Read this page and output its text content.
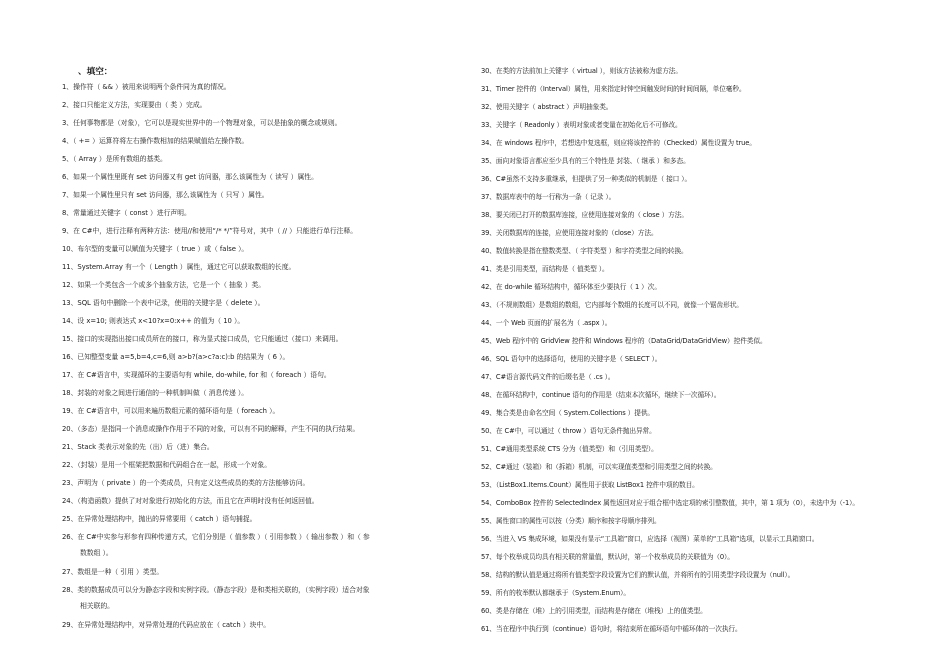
、填空：
1、操作符（ && ）被用来说明两个条件同为真的情况。
2、接口只能定义方法，实现要由（ 类 ）完成。
3、任何事物都是（对象），它可以是现实世界中的一个物理对象，可以是抽象的概念或规则。
4、（ += ）运算符将左右操作数相加的结果赋值给左操作数。
5、（ Array ）是所有数组的基类。
6、如果一个属性里既有 set 访问器又有 get 访问器，那么该属性为（ 读写 ）属性。
7、如果一个属性里只有 set 访问器，那么该属性为（ 只写 ）属性。
8、常量通过关键字（ const ）进行声明。
9、在 C#中，进行注释有两种方法：使用//和使用“/* */”符号对，其中（ // ）只能进行单行注释。
10、布尔型的变量可以赋值为关键字（ true ）或（ false ）。
11、System.Array 有一个（ Length ）属性，通过它可以获取数组的长度。
12、如果一个类包含一个或多个抽象方法，它是一个（ 抽象 ）类。
13、SQL 语句中删除一个表中记录，使用的关键字是（ delete ）。
14、设 x=10; 则表达式 x<10?x=0:x++ 的值为（ 10 ）。
15、接口的实现指出接口成员所在的接口，称为显式接口成员，它只能通过（接口）来调用。
16、已知整型变量 a=5,b=4,c=6,则 a>b?(a>c?a:c):b 的结果为（ 6 ）。
17、在 C#语言中，实现循环的主要语句有 while, do-while, for 和（ foreach ）语句。
18、封装的对象之间进行通信的一种机制叫做（ 消息传递 ）。
19、在 C#语言中，可以用来遍历数组元素的循环语句是（ foreach ）。
20、（多态）是指同一个消息或操作作用于不同的对象，可以有不同的解释，产生不同的执行结果。
21、Stack 类表示对象的先（出）后（进）集合。
22、（封装）是用一个框架把数据和代码组合在一起，形成一个对象。
23、声明为（ private ）的一个类成员，只有定义这些成员的类的方法能够访问。
24、（构造函数）提供了对对象进行初始化的方法，而且它在声明时没有任何返回值。
25、在异常处理结构中，抛出的异常要用（ catch ）语句捕捉。
26、在 C#中实参与形参有四种传递方式，它们分别是（ 值参数 ）（ 引用参数 ）（ 输出参数 ）和（ 参
数数组 ）。
27、数组是一种（ 引用 ）类型。
28、类的数据成员可以分为静态字段和实例字段。（静态字段）是和类相关联的，（实例字段）适合对象
相关联的。
29、在异常处理结构中，对异常处理的代码应放在（ catch ）块中。
30、在类的方法前加上关键字（ virtual ），则该方法被称为虚方法。
31、Timer 控件的（Interval）属性，用来指定时钟空间触发时间的时间间隔，单位毫秒。
32、使用关键字（ abstract ）声明抽象类。
33、关键字（ Readonly ）表明对象或者变量在初始化后不可修改。
34、在 windows 程序中，若想选中复选框，则应将该控件的（Checked）属性设置为 true。
35、面向对象语言都应至少具有的三个特性是 封装、（ 继承 ）和多态。
36、C#虽然不支持多重继承，但提供了另一种类似的机制是（ 接口 ）。
37、数据库表中的每一行称为一条（ 记录 ）。
38、要关闭已打开的数据库连接，应使用连接对象的（ close ）方法。
39、关闭数据库的连接，应使用连接对象的（close）方法。
40、数值转换是指在整数类型、（ 字符类型 ）和字符类型之间的转换。
41、类是引用类型，而结构是（ 值类型 ）。
42、在 do-while 循环结构中，循环体至少要执行（ 1 ）次。
43、（不规则数组）是数组的数组，它内部每个数组的长度可以不同，就像一个锯齿形状。
44、一个 Web 页面的扩展名为（ .aspx ）。
45、Web 程序中的 GridView 控件和 Windows 程序的（DataGrid/DataGridView）控件类似。
46、SQL 语句中的选择语句，使用的关键字是（ SELECT ）。
47、C#语言源代码文件的后缀名是（ .cs ）。
48、在循环结构中，continue 语句的作用是（结束本次循环，继续下一次循环）。
49、集合类是由命名空间（ System.Collections ）提供。
50、在 C#中，可以通过（ throw ）语句无条件抛出异常。
51、C#通用类型系统 CTS 分为（值类型）和（引用类型）。
52、C#通过（装箱）和（拆箱）机制，可以实现值类型和引用类型之间的转换。
53、（ListBox1.Items.Count）属性用于获取 ListBox1 控件中项的数目。
54、ComboBox 控件的 SelectedIndex 属性返回对应于组合框中选定项的索引整数值，其中，第 1 项为（0），未选中为（-1）。
55、属性窗口的属性可以按（分类）顺序和按字母顺序排列。
56、当进入 VS 集成环境，如果没有显示“工具箱”窗口，应选择（视图）菜单的“工具箱”选项，以显示工具箱窗口。
57、每个枚举成员均具有相关联的常量值，默认时，第一个枚举成员的关联值为（0）。
58、结构的默认值是通过将所有值类型字段设置为它们的默认值，并将所有的引用类型字段设置为（null）。
59、所有的枚举默认都继承于（System.Enum）。
60、类是存储在（堆）上的引用类型，而结构是存储在（堆栈）上的值类型。
61、当在程序中执行到（continue）语句时，将结束所在循环语句中循环体的一次执行。
